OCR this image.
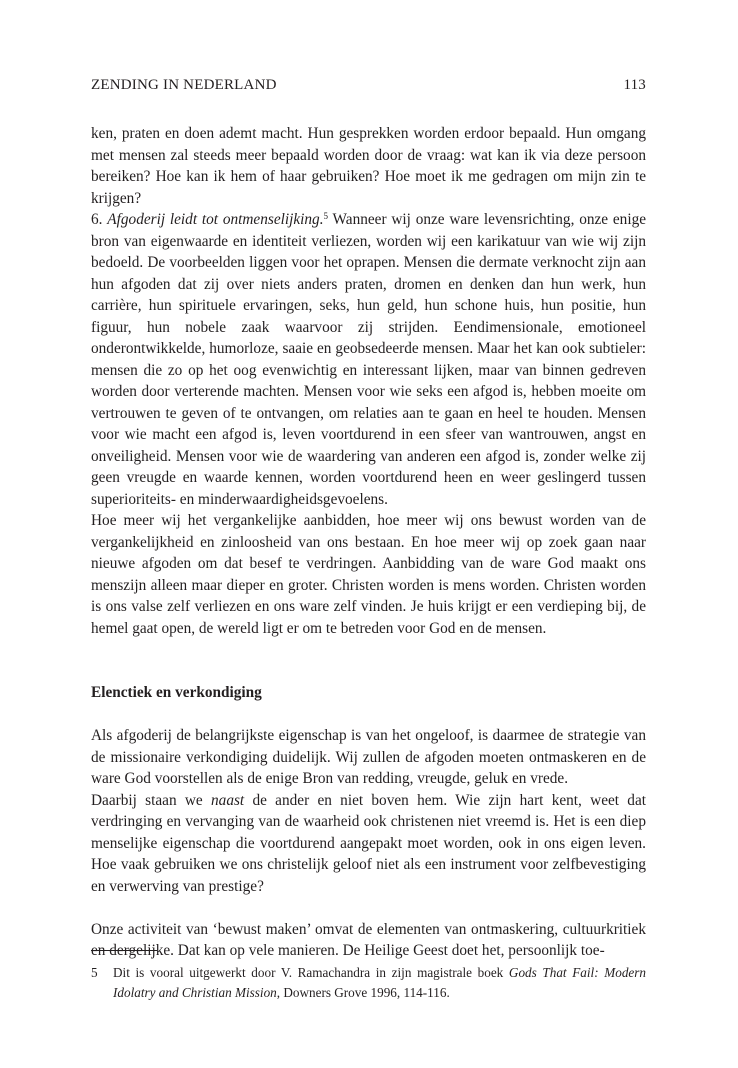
ZENDING IN NEDERLAND	113

ken, praten en doen ademt macht. Hun gesprekken worden erdoor bepaald. Hun omgang met mensen zal steeds meer bepaald worden door de vraag: wat kan ik via deze persoon bereiken? Hoe kan ik hem of haar gebruiken? Hoe moet ik me gedragen om mijn zin te krijgen?

6. Afgoderij leidt tot ontmenselijking.$^5$ Wanneer wij onze ware levensrichting, onze enige bron van eigenwaarde en identiteit verliezen, worden wij een karikatuur van wie wij zijn bedoeld. De voorbeelden liggen voor het oprapen. Mensen die dermate verknocht zijn aan hun afgoden dat zij over niets anders praten, dromen en denken dan hun werk, hun carrière, hun spirituele ervaringen, seks, hun geld, hun schone huis, hun positie, hun figuur, hun nobele zaak waarvoor zij strijden. Eendimensionale, emotioneel onderontwikkelde, humorloze, saaie en geobsedeerde mensen. Maar het kan ook subtieler: mensen die zo op het oog evenwichtig en interessant lijken, maar van binnen gedreven worden door verterende machten. Mensen voor wie seks een afgod is, hebben moeite om vertrouwen te geven of te ontvangen, om relaties aan te gaan en heel te houden. Mensen voor wie macht een afgod is, leven voortdurend in een sfeer van wantrouwen, angst en onveiligheid. Mensen voor wie de waardering van anderen een afgod is, zonder welke zij geen vreugde en waarde kennen, worden voortdurend heen en weer geslingerd tussen superioriteits- en minderwaardigheidsgevoelens.

Hoe meer wij het vergankelijke aanbidden, hoe meer wij ons bewust worden van de vergankelijkheid en zinloosheid van ons bestaan. En hoe meer wij op zoek gaan naar nieuwe afgoden om dat besef te verdringen. Aanbidding van de ware God maakt ons menszijn alleen maar dieper en groter. Christen worden is mens worden. Christen worden is ons valse zelf verliezen en ons ware zelf vinden. Je huis krijgt er een verdieping bij, de hemel gaat open, de wereld ligt er om te betreden voor God en de mensen.

Elenctiek en verkondiging

Als afgoderij de belangrijkste eigenschap is van het ongeloof, is daarmee de strategie van de missionaire verkondiging duidelijk. Wij zullen de afgoden moeten ontmaskeren en de ware God voorstellen als de enige Bron van redding, vreugde, geluk en vrede.

Daarbij staan we naast de ander en niet boven hem. Wie zijn hart kent, weet dat verdringing en vervanging van de waarheid ook christenen niet vreemd is. Het is een diep menselijke eigenschap die voortdurend aangepakt moet worden, ook in ons eigen leven. Hoe vaak gebruiken we ons christelijk geloof niet als een instrument voor zelfbevestiging en verwerving van prestige?

Onze activiteit van ‘bewust maken’ omvat de elementen van ontmaskering, cultuurkritiek en dergelijke. Dat kan op vele manieren. De Heilige Geest doet het, persoonlijk toe-

5 Dit is vooral uitgewerkt door V. Ramachandra in zijn magistrale boek Gods That Fail: Modern Idolatry and Christian Mission, Downers Grove 1996, 114-116.
